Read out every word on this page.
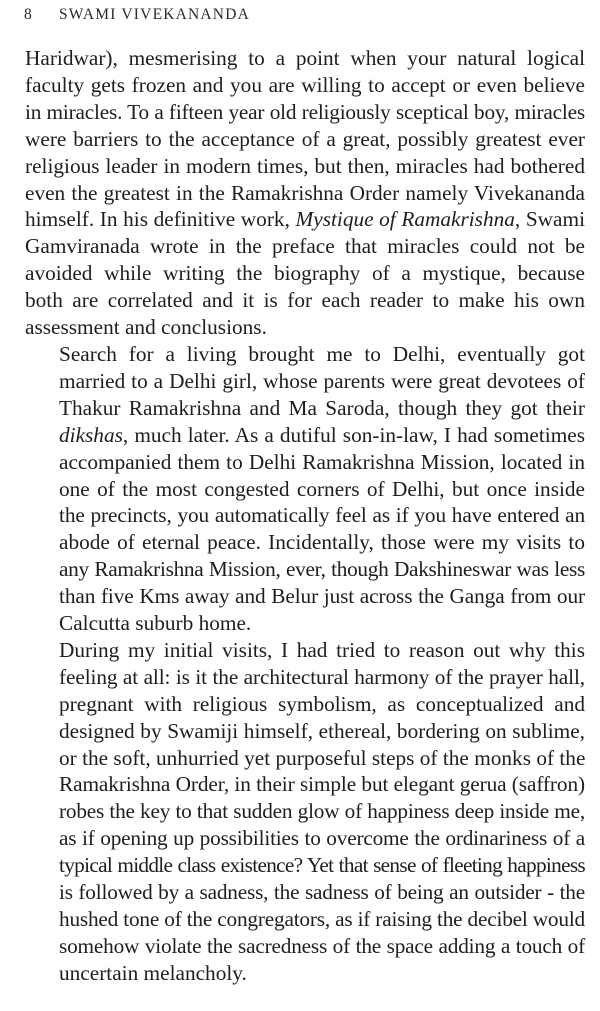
8 SWAMI VIVEKANANDA
Haridwar), mesmerising to a point when your natural logical
faculty gets frozen and you are willing to accept or even believe
in miracles. To a fifteen year old religiously sceptical boy, miracles
were barriers to the acceptance of a great, possibly greatest ever
religious leader in modern times, but then, miracles had bothered
even the greatest in the Ramakrishna Order namely Vivekananda
himself. In his definitive work, Mystique of Ramakrishna, Swami
Gamviranada wrote in the preface that miracles could not be
avoided while writing the biography of a mystique, because
both are correlated and it is for each reader to make his own
assessment and conclusions.
Search for a living brought me to Delhi, eventually got
married to a Delhi girl, whose parents were great devotees of
Thakur Ramakrishna and Ma Saroda, though they got their
dikshas, much later. As a dutiful son-in-law, I had sometimes
accompanied them to Delhi Ramakrishna Mission, located in
one of the most congested corners of Delhi, but once inside
the precincts, you automatically feel as if you have entered an
abode of eternal peace. Incidentally, those were my visits to
any Ramakrishna Mission, ever, though Dakshineswar was less
than five Kms away and Belur just across the Ganga from our
Calcutta suburb home.
During my initial visits, I had tried to reason out why this
feeling at all: is it the architectural harmony of the prayer hall,
pregnant with religious symbolism, as conceptualized and
designed by Swamiji himself, ethereal, bordering on sublime,
or the soft, unhurried yet purposeful steps of the monks of the
Ramakrishna Order, in their simple but elegant gerua (saffron)
robes the key to that sudden glow of happiness deep inside me,
as if opening up possibilities to overcome the ordinariness of a
typical middle class existence? Yet that sense of fleeting happiness
is followed by a sadness, the sadness of being an outsider - the
hushed tone of the congregators, as if raising the decibel would
somehow violate the sacredness of the space adding a touch of
uncertain melancholy.
